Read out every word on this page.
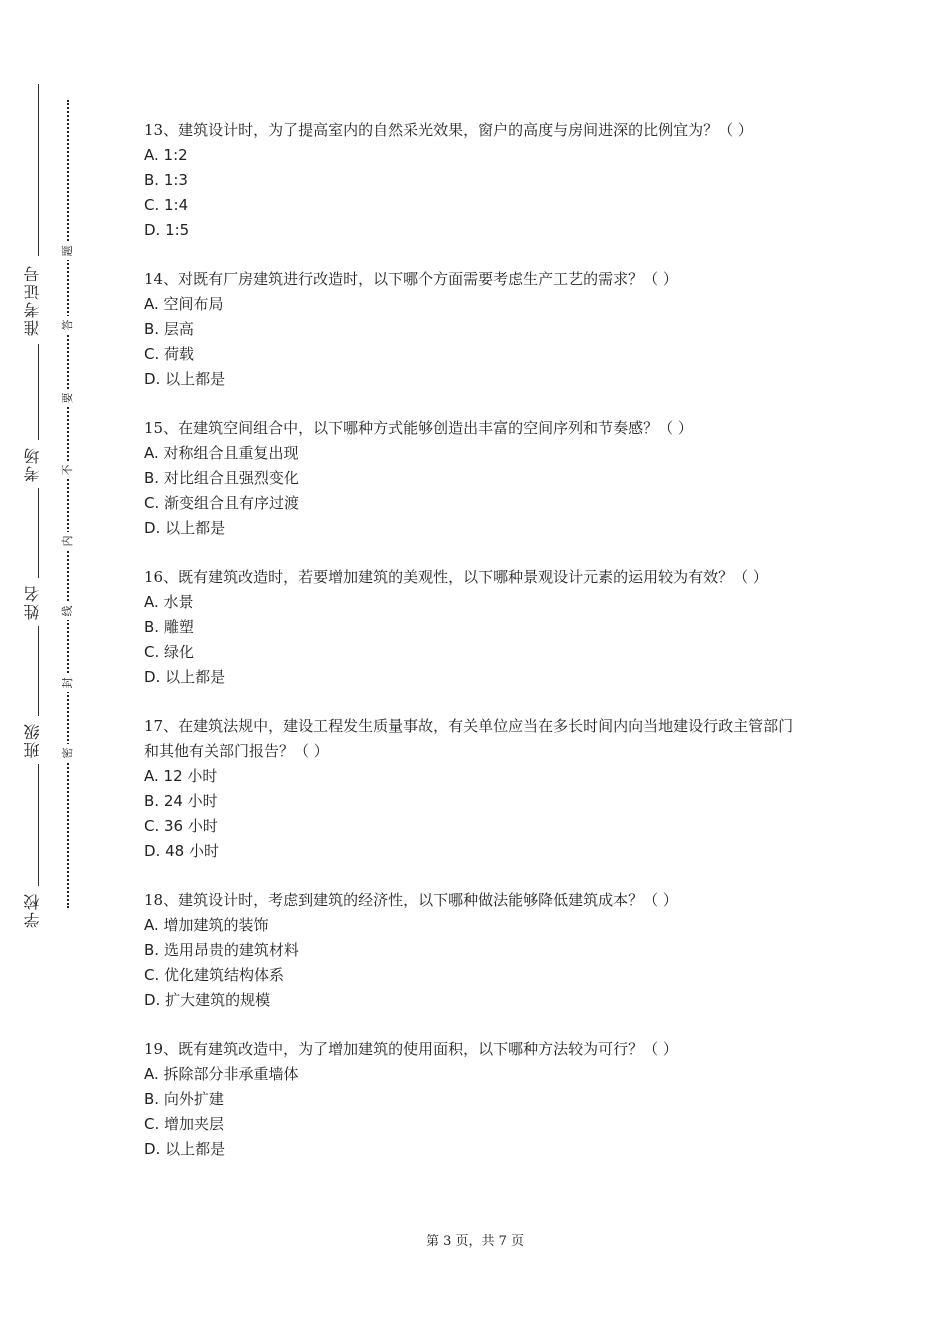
准考证号
考场
姓名
班级
学校
题
答
要
不
内
线
封
密

13、建筑设计时，为了提高室内的自然采光效果，窗户的高度与房间进深的比例宜为？（ ）

A. 1:2

B. 1:3

C. 1:4

D. 1:5

14、对既有厂房建筑进行改造时，以下哪个方面需要考虑生产工艺的需求？（ ）

A. 空间布局

B. 层高

C. 荷载

D. 以上都是

15、在建筑空间组合中，以下哪种方式能够创造出丰富的空间序列和节奏感？（ ）

A. 对称组合且重复出现

B. 对比组合且强烈变化

C. 渐变组合且有序过渡

D. 以上都是

16、既有建筑改造时，若要增加建筑的美观性，以下哪种景观设计元素的运用较为有效？（ ）

A. 水景

B. 雕塑

C. 绿化

D. 以上都是

17、在建筑法规中，建设工程发生质量事故，有关单位应当在多长时间内向当地建设行政主管部门和其他有关部门报告？（ ）

A. 12 小时

B. 24 小时

C. 36 小时

D. 48 小时

18、建筑设计时，考虑到建筑的经济性，以下哪种做法能够降低建筑成本？（ ）

A. 增加建筑的装饰

B. 选用昂贵的建筑材料

C. 优化建筑结构体系

D. 扩大建筑的规模

19、既有建筑改造中，为了增加建筑的使用面积，以下哪种方法较为可行？（ ）

A. 拆除部分非承重墙体

B. 向外扩建

C. 增加夹层

D. 以上都是

第 3 页，共 7 页
